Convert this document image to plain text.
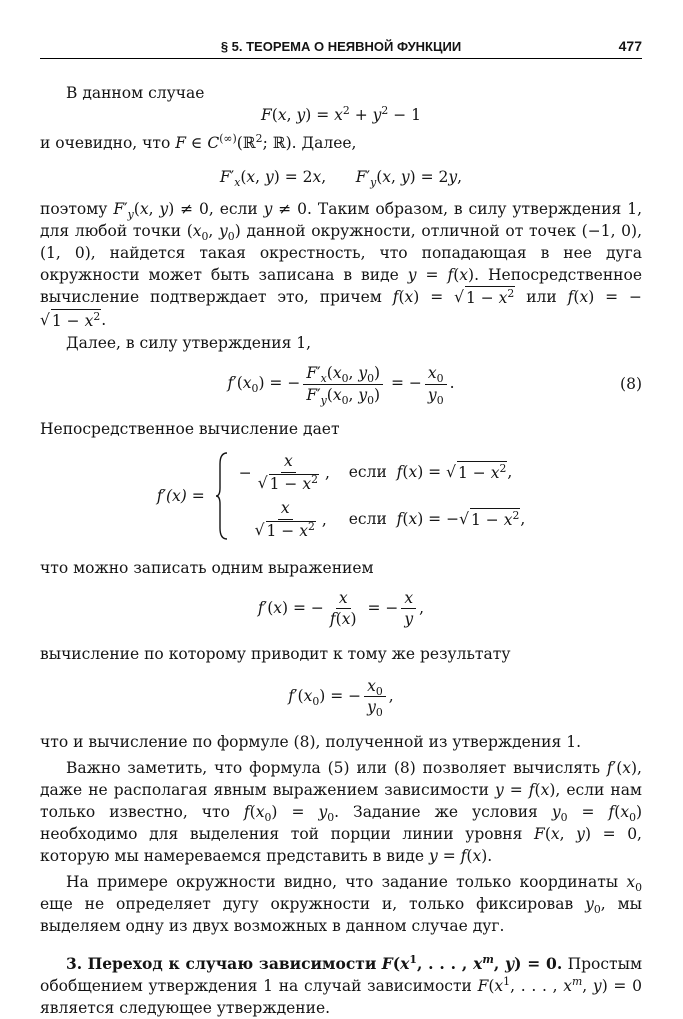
§ 5. ТЕОРЕМА О НЕЯВНОЙ ФУНКЦИИ	477

В данном случае

F(x, $y) = x^2 + y^2 - 1$

и очевидно, что F ∈ C(∞)(ℝ$^2$; ℝ). Далее,

$F'_x(x$, y) = 2x,      $F'_y(x$, y) = 2y,

поэтому $F'_y(x$, y) ≠ 0, если y ≠ 0. Таким образом, в силу утверждения 1, для любой точки ($x_0$, $y_0$) данной окружности, отличной от точек (−1, 0), (1, 0), найдется такая окрестность, что попадающая в нее дуга окружности может быть записана в виде y = f(x). Непосредственное вычисление подтверждает это, причем f(x) = √ $1 - x^2$ или f(x) = −
√ $1 - x^2$ .

Далее, в силу утверждения 1,

$f'(x_0)$ = − $\frac{F'_x(x_0, y_0)}{F'_y(x_0, y_0)}$ = − $\frac{x_0}{y_0}$ .	(8)

Непосредственное вычисление дает

f′(x) =
− $\frac{x}{√ 1 - x^2}$ ,	если f(x) = √ $1 - x^2$ ,

$\frac{x}{√ 1 - x^2}$ ,	если f(x) = − √ $1 - x^2$ ,

что можно записать одним выражением

f′(x) = − $\frac{x}{f(x)}$ = − $\frac{x}{y}$ ,

вычисление по которому приводит к тому же результату

$f'(x_0)$ = − $\frac{x_0}{y_0}$ ,

что и вычисление по формуле (8), полученной из утверждения 1.

Важно заметить, что формула (5) или (8) позволяет вычислять f′(x), даже не располагая явным выражением зависимости y = f(x), если нам только известно, что $f(x_0) = y_0$. Задание же условия $y_0 = f(x_0)$ необходимо для выделения той порции линии уровня F(x, y) = 0, которую мы намереваемся представить в виде y = f(x).

На примере окружности видно, что задание только координаты $x_0$ еще не определяет дугу окружности и, только фиксировав $y_0$, мы выделяем одну из двух возможных в данном случае дуг.

3. Переход к случаю зависимости $F(x^1$, . . . , $x^m$, y) = 0. Простым обобщением утверждения 1 на случай зависимости $F(x^1$, . . . , $x^m$, y) = 0 является следующее утверждение.
